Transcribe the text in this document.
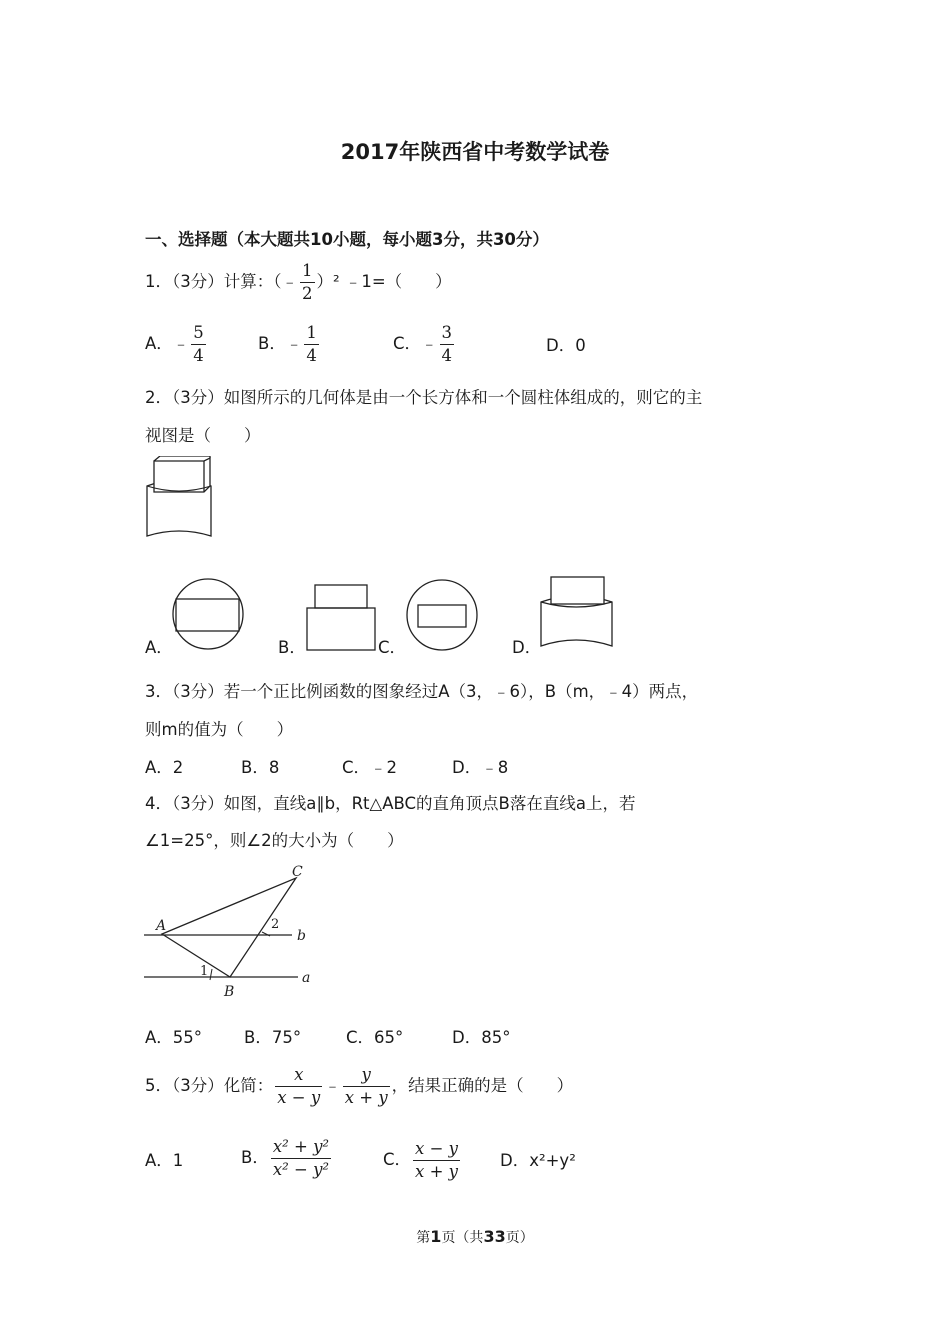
2017年陕西省中考数学试卷
一、选择题（本大题共10小题，每小题3分，共30分）
1．（3分）计算：（﹣ $\frac{1}{2} )^2$ ﹣1=（　　）
A．﹣ $\frac{5}{4}$	B．﹣ $\frac{1}{4}$	C．﹣ $\frac{3}{4}$	D．0
2．（3分）如图所示的几何体是由一个长方体和一个圆柱体组成的，则它的主
视图是（　　）
A．	B．	C．	D．
3．（3分）若一个正比例函数的图象经过A（3，﹣6），B（m，﹣4）两点，
则m的值为（　　）
A．2	B．8	C．﹣2	D．﹣8
4．（3分）如图，直线a∥b，Rt△ABC的直角顶点B落在直线a上，若
∠1=25°，则∠2的大小为（　　）
A
B
C
b
a
1
2
A．55°	B．75°	C．65°	D．85°
5．（3分）化简： $\frac{x}{x - y}$ ﹣ $\frac{y}{x + y}$ ，结果正确的是（　　）
A．1	B． $\frac{\text{x² + y²}}{\text{x² − y²}}$	C． $\frac{x - y}{x + y}$ D．x²+y²
第1页（共33页）
